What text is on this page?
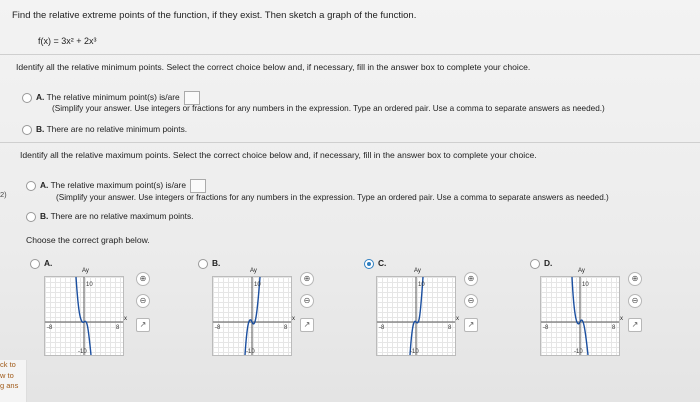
Find the relative extreme points of the function, if they exist. Then sketch a graph of the function.
f(x) = 3x² + 2x³
Identify all the relative minimum points. Select the correct choice below and, if necessary, fill in the answer box to complete your choice.
A. The relative minimum point(s) is/are
(Simplify your answer. Use integers or fractions for any numbers in the expression. Type an ordered pair. Use a comma to separate answers as needed.)
B. There are no relative minimum points.
Identify all the relative maximum points. Select the correct choice below and, if necessary, fill in the answer box to complete your choice.
2)
A. The relative maximum point(s) is/are
(Simplify your answer. Use integers or fractions for any numbers in the expression. Type an ordered pair. Use a comma to separate answers as needed.)
B. There are no relative maximum points.
Choose the correct graph below.
A.	B.	C.	D.
10
-10
-8	8
Ay
x
⊕
⊖
↗
10
-10
-8	8
Ay
x
⊕
⊖
↗
10
-10
-8	8
Ay
x
⊕
⊖
↗
10
-10
-8	8
Ay
x
⊕
⊖
↗
ck to
w to
g ans
